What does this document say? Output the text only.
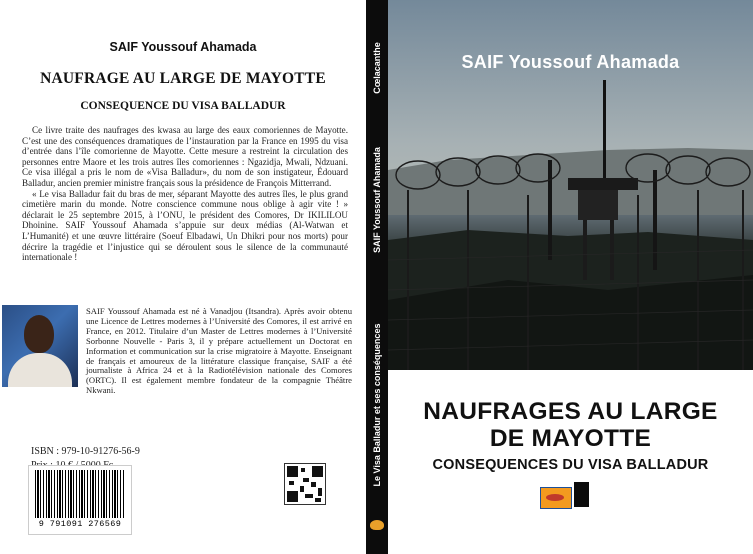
SAIF Youssouf Ahamada
NAUFRAGE AU LARGE DE MAYOTTE
CONSEQUENCE DU VISA BALLADUR

Ce livre traite des naufrages des kwasa au large des eaux comoriennes de Mayotte. C’est une des conséquences dramatiques de l’instauration par la France en 1995 du visa d’entrée dans l’île comorienne de Mayotte. Cette mesure a restreint la circulation des personnes entre Maore et les trois autres îles comoriennes : Ngazidja, Mwali, Ndzuani. Ce visa illégal a pris le nom de «Visa Balladur», du nom de son instigateur, Édouard Balladur, ancien premier ministre français sous la présidence de François Mitterrand.

« Le visa Balladur fait du bras de mer, séparant Mayotte des autres îles, le plus grand cimetière marin du monde. Notre conscience commune nous oblige à agir vite ! » déclarait le 25 septembre 2015, à l’ONU, le président des Comores, Dr IKILILOU Dhoinine. SAIF Youssouf Ahamada s’appuie sur deux médias (Al-Watwan et L’Humanité) et une œuvre littéraire (Soeuf Elbadawi, Un Dhikri pour nos morts) pour décrire la tragédie et l’injustice qui se déroulent sous le silence de la communauté internationale !

SAIF Youssouf Ahamada est né à Vanadjou (Itsandra). Après avoir obtenu une Licence de Lettres modernes à l’Université des Comores, il est arrivé en France, en 2012. Titulaire d’un Master de Lettres modernes à l’Université Sorbonne Nouvelle - Paris 3, il y prépare actuellement un Doctorat en Information et communication sur la crise migratoire à Mayotte. Enseignant de français et amoureux de la littérature classique française, SAIF a été journaliste à Africa 24 et à la Radiotélévision nationale des Comores (ORTC). Il est également membre fondateur de la compagnie Théâtre Nkwani.
ISBN : 979-10-91276-56-9
9 791091 276569
Cœlacanthe
SAIF Youssouf Ahamada
Le Visa Balladur et ses conséquences
SAIF Youssouf Ahamada
NAUFRAGES AU LARGE
DE MAYOTTE
CONSEQUENCES DU VISA BALLADUR
